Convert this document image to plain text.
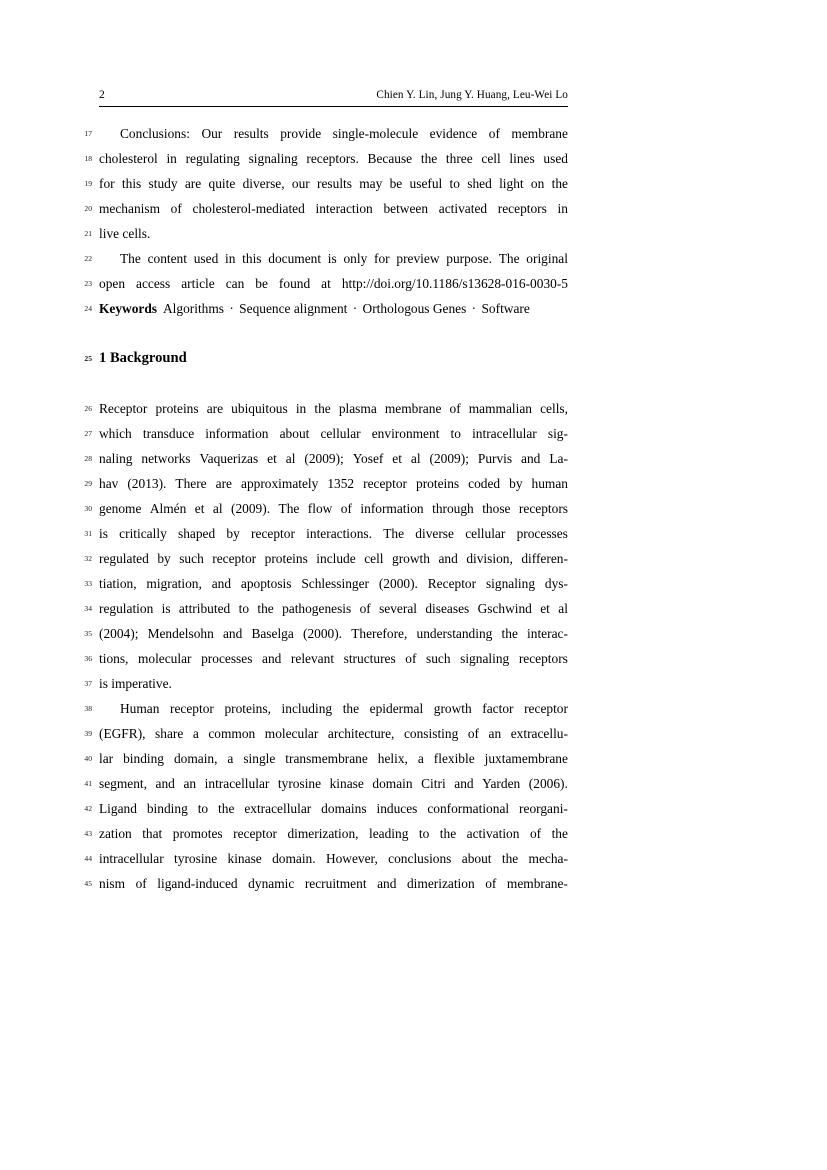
2	Chien Y. Lin, Jung Y. Huang, Leu-Wei Lo
17 Conclusions: Our results provide single-molecule evidence of membrane
18 cholesterol in regulating signaling receptors. Because the three cell lines used
19 for this study are quite diverse, our results may be useful to shed light on the
20 mechanism of cholesterol-mediated interaction between activated receptors in
21 live cells.
22 The content used in this document is only for preview purpose. The original
23 open access article can be found at http://doi.org/10.1186/s13628-016-0030-5
24 Keywords Algorithms · Sequence alignment · Orthologous Genes · Software
25 1 Background
26 Receptor proteins are ubiquitous in the plasma membrane of mammalian cells,
27 which transduce information about cellular environment to intracellular sig-
28 naling networks Vaquerizas et al (2009); Yosef et al (2009); Purvis and La-
29 hav (2013). There are approximately 1352 receptor proteins coded by human
30 genome Almén et al (2009). The flow of information through those receptors
31 is critically shaped by receptor interactions. The diverse cellular processes
32 regulated by such receptor proteins include cell growth and division, differen-
33 tiation, migration, and apoptosis Schlessinger (2000). Receptor signaling dys-
34 regulation is attributed to the pathogenesis of several diseases Gschwind et al
35 (2004); Mendelsohn and Baselga (2000). Therefore, understanding the interac-
36 tions, molecular processes and relevant structures of such signaling receptors
37 is imperative.
38 Human receptor proteins, including the epidermal growth factor receptor
39 (EGFR), share a common molecular architecture, consisting of an extracellu-
40 lar binding domain, a single transmembrane helix, a flexible juxtamembrane
41 segment, and an intracellular tyrosine kinase domain Citri and Yarden (2006).
42 Ligand binding to the extracellular domains induces conformational reorgani-
43 zation that promotes receptor dimerization, leading to the activation of the
44 intracellular tyrosine kinase domain. However, conclusions about the mecha-
45 nism of ligand-induced dynamic recruitment and dimerization of membrane-
